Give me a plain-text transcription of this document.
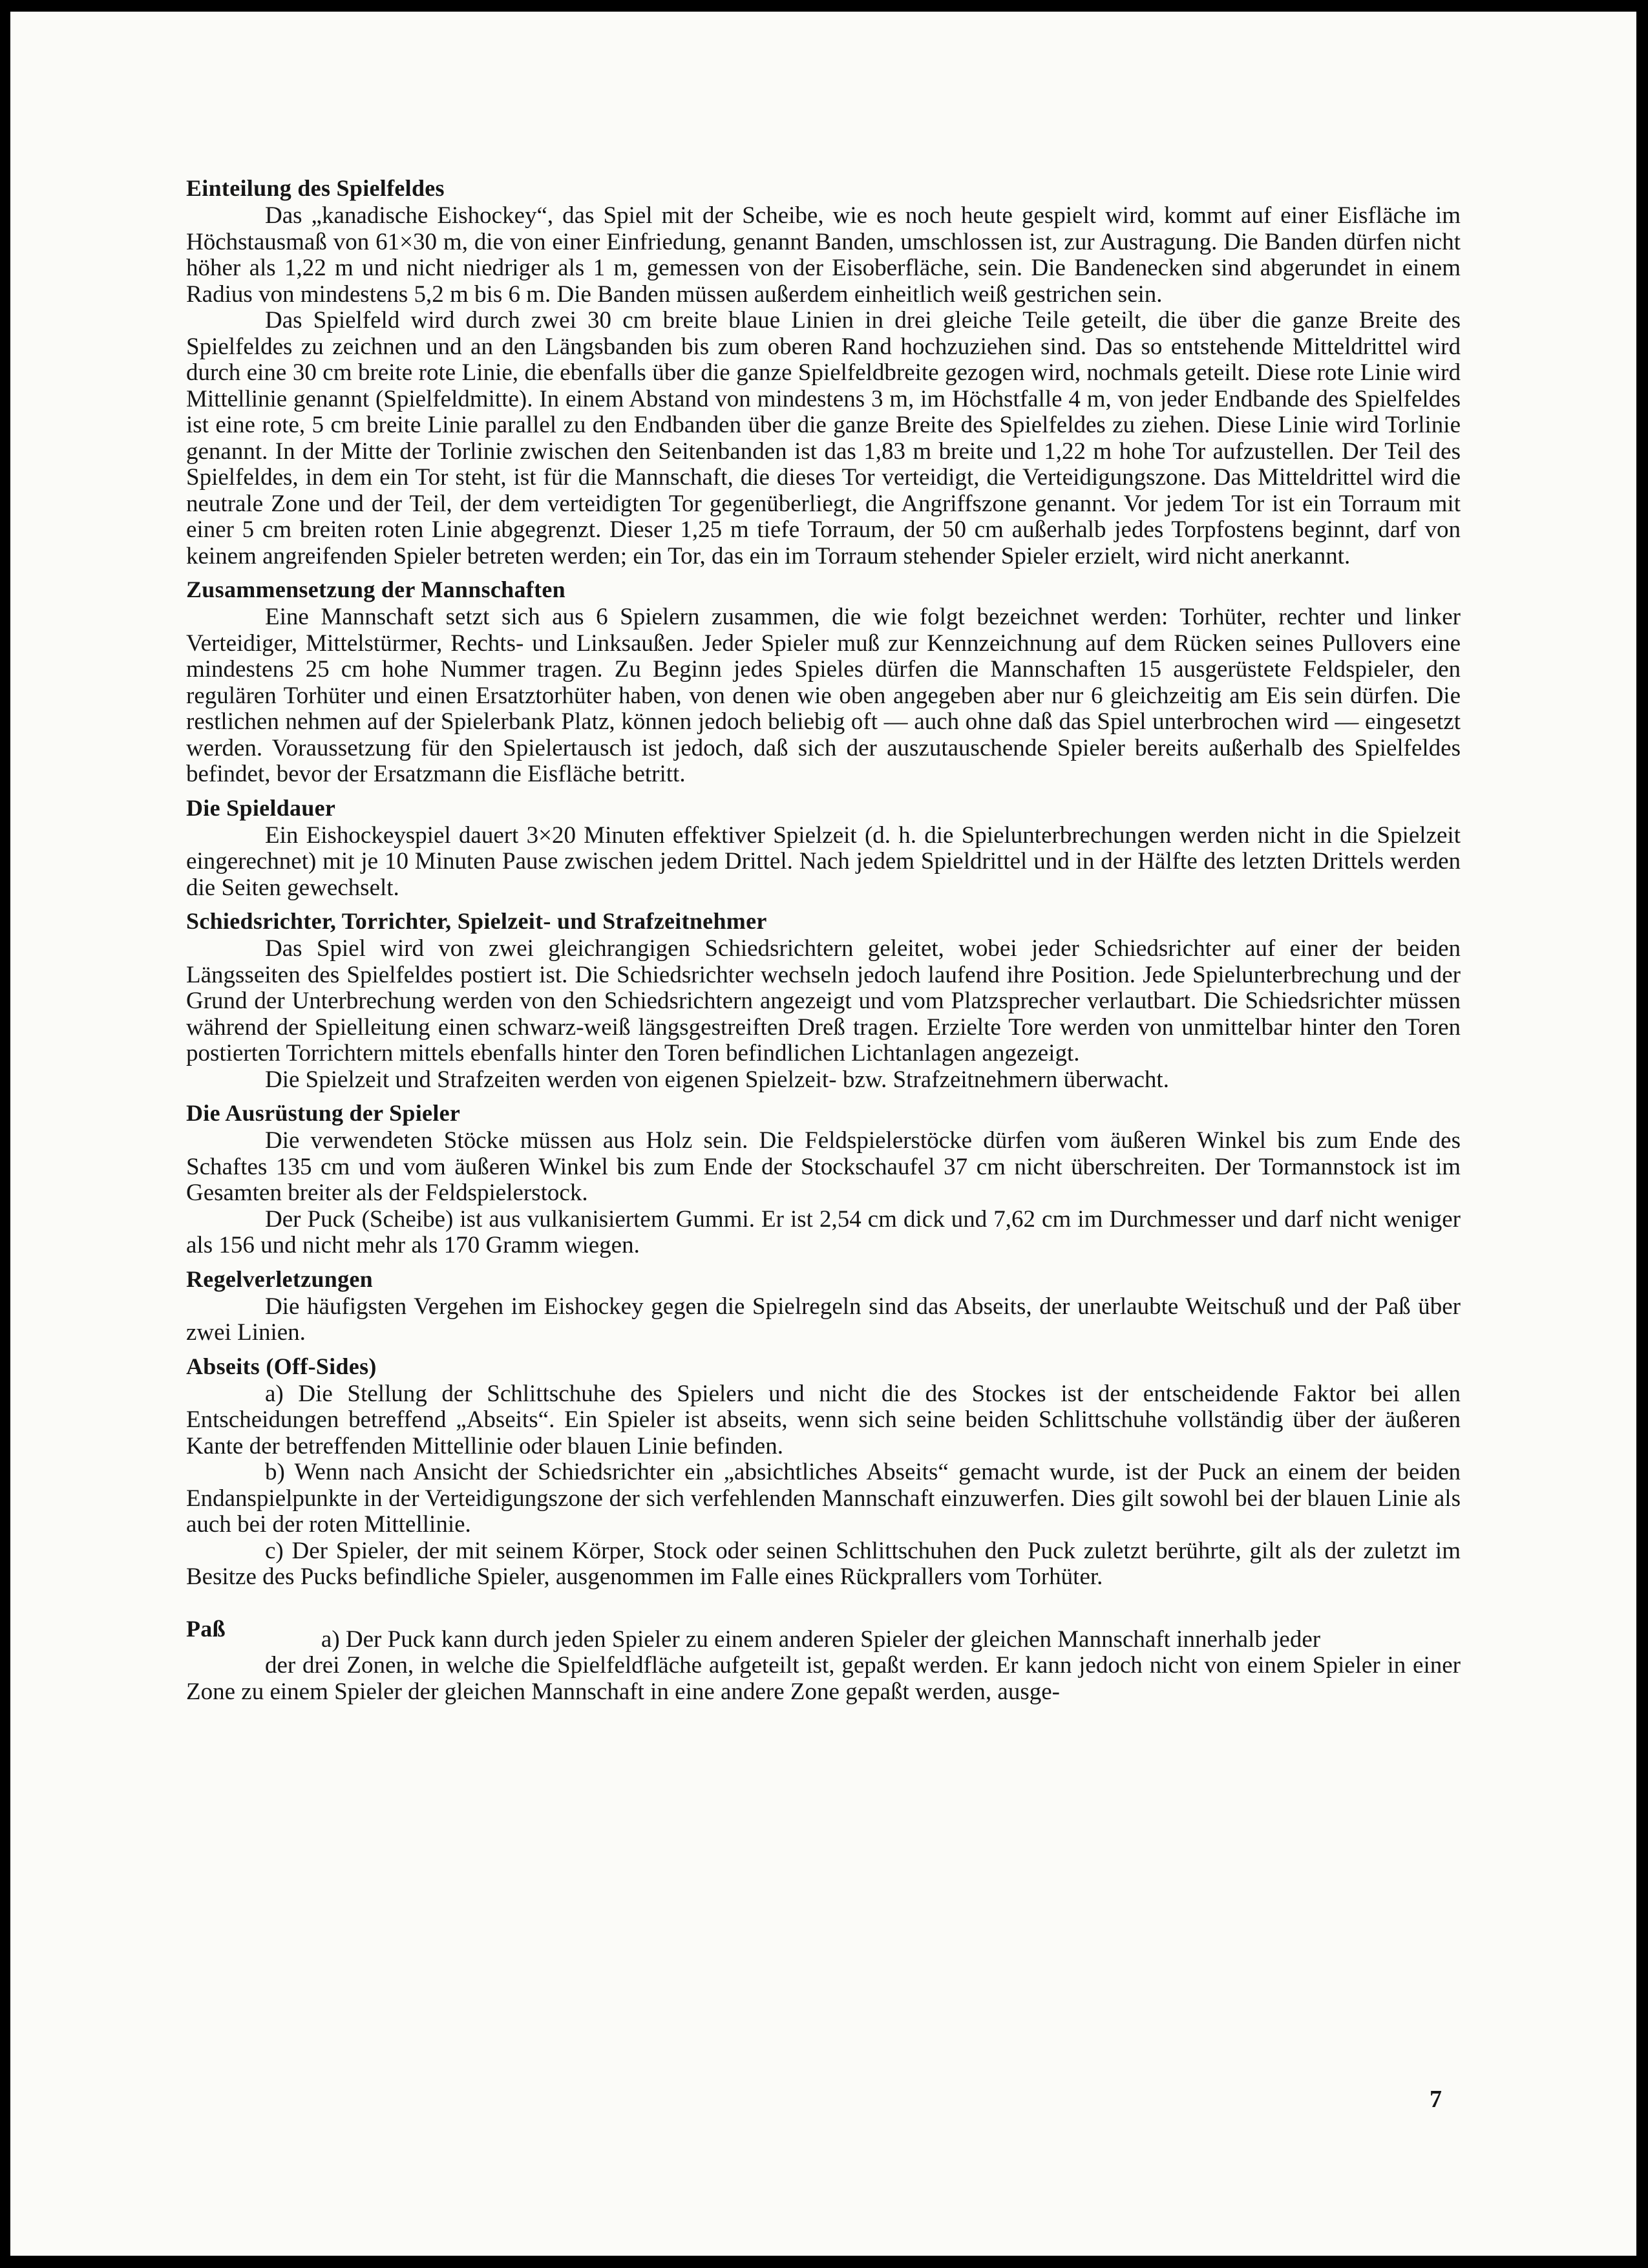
Einteilung des Spielfeldes

Das „kanadische Eishockey“, das Spiel mit der Scheibe, wie es noch heute gespielt wird, kommt auf einer Eisfläche im Höchstausmaß von 61×30 m, die von einer Einfriedung, genannt Banden, umschlossen ist, zur Austragung. Die Banden dürfen nicht höher als 1,22 m und nicht niedriger als 1 m, gemessen von der Eisoberfläche, sein. Die Bandenecken sind abgerundet in einem Radius von mindestens 5,2 m bis 6 m. Die Banden müssen außerdem einheitlich weiß gestrichen sein.

Das Spielfeld wird durch zwei 30 cm breite blaue Linien in drei gleiche Teile geteilt, die über die ganze Breite des Spielfeldes zu zeichnen und an den Längsbanden bis zum oberen Rand hochzuziehen sind. Das so entstehende Mitteldrittel wird durch eine 30 cm breite rote Linie, die ebenfalls über die ganze Spielfeldbreite gezogen wird, nochmals geteilt. Diese rote Linie wird Mittellinie genannt (Spielfeldmitte). In einem Abstand von mindestens 3 m, im Höchstfalle 4 m, von jeder Endbande des Spielfeldes ist eine rote, 5 cm breite Linie parallel zu den Endbanden über die ganze Breite des Spielfeldes zu ziehen. Diese Linie wird Torlinie genannt. In der Mitte der Torlinie zwischen den Seitenbanden ist das 1,83 m breite und 1,22 m hohe Tor aufzustellen. Der Teil des Spielfeldes, in dem ein Tor steht, ist für die Mannschaft, die dieses Tor verteidigt, die Verteidigungszone. Das Mitteldrittel wird die neutrale Zone und der Teil, der dem verteidigten Tor gegenüberliegt, die Angriffszone genannt. Vor jedem Tor ist ein Torraum mit einer 5 cm breiten roten Linie abgegrenzt. Dieser 1,25 m tiefe Torraum, der 50 cm außerhalb jedes Torpfostens beginnt, darf von keinem angreifenden Spieler betreten werden; ein Tor, das ein im Torraum stehender Spieler erzielt, wird nicht anerkannt.

Zusammensetzung der Mannschaften

Eine Mannschaft setzt sich aus 6 Spielern zusammen, die wie folgt bezeichnet werden: Torhüter, rechter und linker Verteidiger, Mittelstürmer, Rechts- und Linksaußen. Jeder Spieler muß zur Kennzeichnung auf dem Rücken seines Pullovers eine mindestens 25 cm hohe Nummer tragen. Zu Beginn jedes Spieles dürfen die Mannschaften 15 ausgerüstete Feldspieler, den regulären Torhüter und einen Ersatztorhüter haben, von denen wie oben angegeben aber nur 6 gleichzeitig am Eis sein dürfen. Die restlichen nehmen auf der Spielerbank Platz, können jedoch beliebig oft — auch ohne daß das Spiel unterbrochen wird — eingesetzt werden. Voraussetzung für den Spielertausch ist jedoch, daß sich der auszutauschende Spieler bereits außerhalb des Spielfeldes befindet, bevor der Ersatzmann die Eisfläche betritt.

Die Spieldauer

Ein Eishockeyspiel dauert 3×20 Minuten effektiver Spielzeit (d. h. die Spielunterbrechungen werden nicht in die Spielzeit eingerechnet) mit je 10 Minuten Pause zwischen jedem Drittel. Nach jedem Spieldrittel und in der Hälfte des letzten Drittels werden die Seiten gewechselt.

Schiedsrichter, Torrichter, Spielzeit- und Strafzeitnehmer

Das Spiel wird von zwei gleichrangigen Schiedsrichtern geleitet, wobei jeder Schiedsrichter auf einer der beiden Längsseiten des Spielfeldes postiert ist. Die Schiedsrichter wechseln jedoch laufend ihre Position. Jede Spielunterbrechung und der Grund der Unterbrechung werden von den Schiedsrichtern angezeigt und vom Platzsprecher verlautbart. Die Schiedsrichter müssen während der Spielleitung einen schwarz-weiß längsgestreiften Dreß tragen. Erzielte Tore werden von unmittelbar hinter den Toren postierten Torrichtern mittels ebenfalls hinter den Toren befindlichen Lichtanlagen angezeigt.

Die Spielzeit und Strafzeiten werden von eigenen Spielzeit- bzw. Strafzeitnehmern überwacht.

Die Ausrüstung der Spieler

Die verwendeten Stöcke müssen aus Holz sein. Die Feldspielerstöcke dürfen vom äußeren Winkel bis zum Ende des Schaftes 135 cm und vom äußeren Winkel bis zum Ende der Stockschaufel 37 cm nicht überschreiten. Der Tormannstock ist im Gesamten breiter als der Feldspielerstock.

Der Puck (Scheibe) ist aus vulkanisiertem Gummi. Er ist 2,54 cm dick und 7,62 cm im Durchmesser und darf nicht weniger als 156 und nicht mehr als 170 Gramm wiegen.

Regelverletzungen

Die häufigsten Vergehen im Eishockey gegen die Spielregeln sind das Abseits, der unerlaubte Weitschuß und der Paß über zwei Linien.

Abseits (Off-Sides)

a) Die Stellung der Schlittschuhe des Spielers und nicht die des Stockes ist der entscheidende Faktor bei allen Entscheidungen betreffend „Abseits“. Ein Spieler ist abseits, wenn sich seine beiden Schlittschuhe vollständig über der äußeren Kante der betreffenden Mittellinie oder blauen Linie befinden.

b) Wenn nach Ansicht der Schiedsrichter ein „absichtliches Abseits“ gemacht wurde, ist der Puck an einem der beiden Endanspielpunkte in der Verteidigungszone der sich verfehlenden Mannschaft einzuwerfen. Dies gilt sowohl bei der blauen Linie als auch bei der roten Mittellinie.

c) Der Spieler, der mit seinem Körper, Stock oder seinen Schlittschuhen den Puck zuletzt berührte, gilt als der zuletzt im Besitze des Pucks befindliche Spieler, ausgenommen im Falle eines Rückprallers vom Torhüter.

Paß	a) Der Puck kann durch jeden Spieler zu einem anderen Spieler der gleichen Mannschaft innerhalb jeder

der drei Zonen, in welche die Spielfeldfläche aufgeteilt ist, gepaßt werden. Er kann jedoch nicht von einem Spieler in einer Zone zu einem Spieler der gleichen Mannschaft in eine andere Zone gepaßt werden, ausge-

7
